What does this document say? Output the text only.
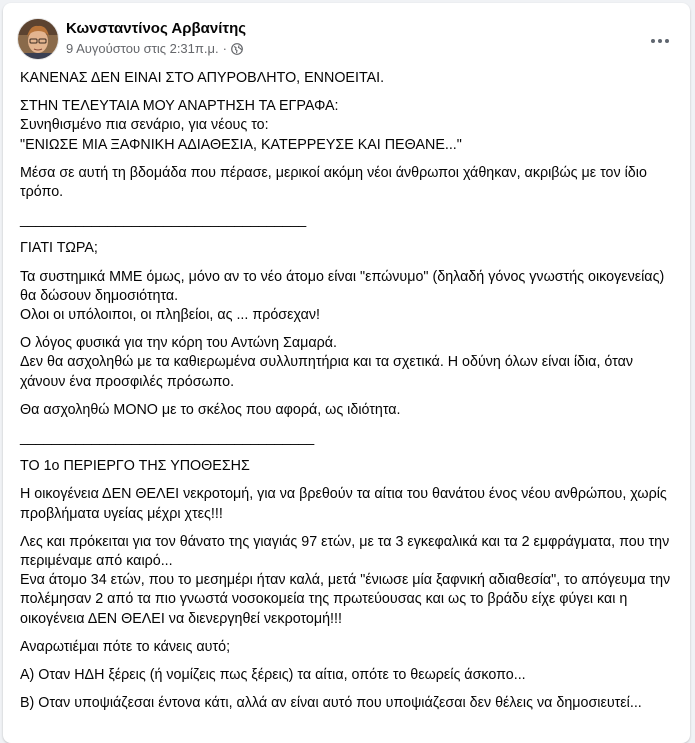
Κωνσταντίνος Αρβανίτης
9 Αυγούστου στις 2:31π.μ. ·

ΚΑΝΕΝΑΣ ΔΕΝ ΕΙΝΑΙ ΣΤΟ ΑΠΥΡΟΒΛΗΤΟ, ΕΝΝΟΕΙΤΑΙ.

ΣΤΗΝ ΤΕΛΕΥΤΑΙΑ ΜΟΥ ΑΝΑΡΤΗΣΗ ΤΑ ΕΓΡΑΦΑ:
Συνηθισμένο πια σενάριο, για νέους το:
"ΕΝΙΩΣΕ ΜΙΑ ΞΑΦΝΙΚΗ ΑΔΙΑΘΕΣΙΑ, ΚΑΤΕΡΡΕΥΣΕ ΚΑΙ ΠΕΘΑΝΕ..."

Μέσα σε αυτή τη βδομάδα που πέρασε, μερικοί ακόμη νέοι άνθρωποι χάθηκαν, ακριβώς με τον ίδιο τρόπο.

____________________________________

ΓΙΑΤΙ ΤΩΡΑ;

Τα συστημικά ΜΜΕ όμως, μόνο αν το νέο άτομο είναι "επώνυμο" (δηλαδή γόνος γνωστής οικογενείας) θα δώσουν δημοσιότητα.
Ολοι οι υπόλοιποι, οι πληβείοι, ας ... πρόσεχαν!

Ο λόγος φυσικά για την κόρη του Αντώνη Σαμαρά.
Δεν θα ασχοληθώ με τα καθιερωμένα συλλυπητήρια και τα σχετικά. Η οδύνη όλων είναι ίδια, όταν χάνουν ένα προσφιλές πρόσωπο.

Θα ασχοληθώ ΜΟΝΟ με το σκέλος που αφορά, ως ιδιότητα.

_____________________________________

ΤΟ 1ο ΠΕΡΙΕΡΓΟ ΤΗΣ ΥΠΟΘΕΣΗΣ

Η οικογένεια ΔΕΝ ΘΕΛΕΙ νεκροτομή, για να βρεθούν τα αίτια του θανάτου ένος νέου ανθρώπου, χωρίς προβλήματα υγείας μέχρι χτες!!!

Λες και πρόκειται για τον θάνατο της γιαγιάς 97 ετών, με τα 3 εγκεφαλικά και τα 2 εμφράγματα, που την περιμέναμε από καιρό...
Ενα άτομο 34 ετών, που το μεσημέρι ήταν καλά, μετά "ένιωσε μία ξαφνική αδιαθεσία", το απόγευμα την πολέμησαν 2 από τα πιο γνωστά νοσοκομεία της πρωτεύουσας και ως το βράδυ είχε φύγει και η οικογένεια ΔΕΝ ΘΕΛΕΙ να διενεργηθεί νεκροτομή!!!

Αναρωτιέμαι πότε το κάνεις αυτό;

Α) Οταν ΗΔΗ ξέρεις (ή νομίζεις πως ξέρεις) τα αίτια, οπότε το θεωρείς άσκοπο...

Β) Οταν υποψιάζεσαι έντονα κάτι, αλλά αν είναι αυτό που υποψιάζεσαι δεν θέλεις να δημοσιευτεί...
